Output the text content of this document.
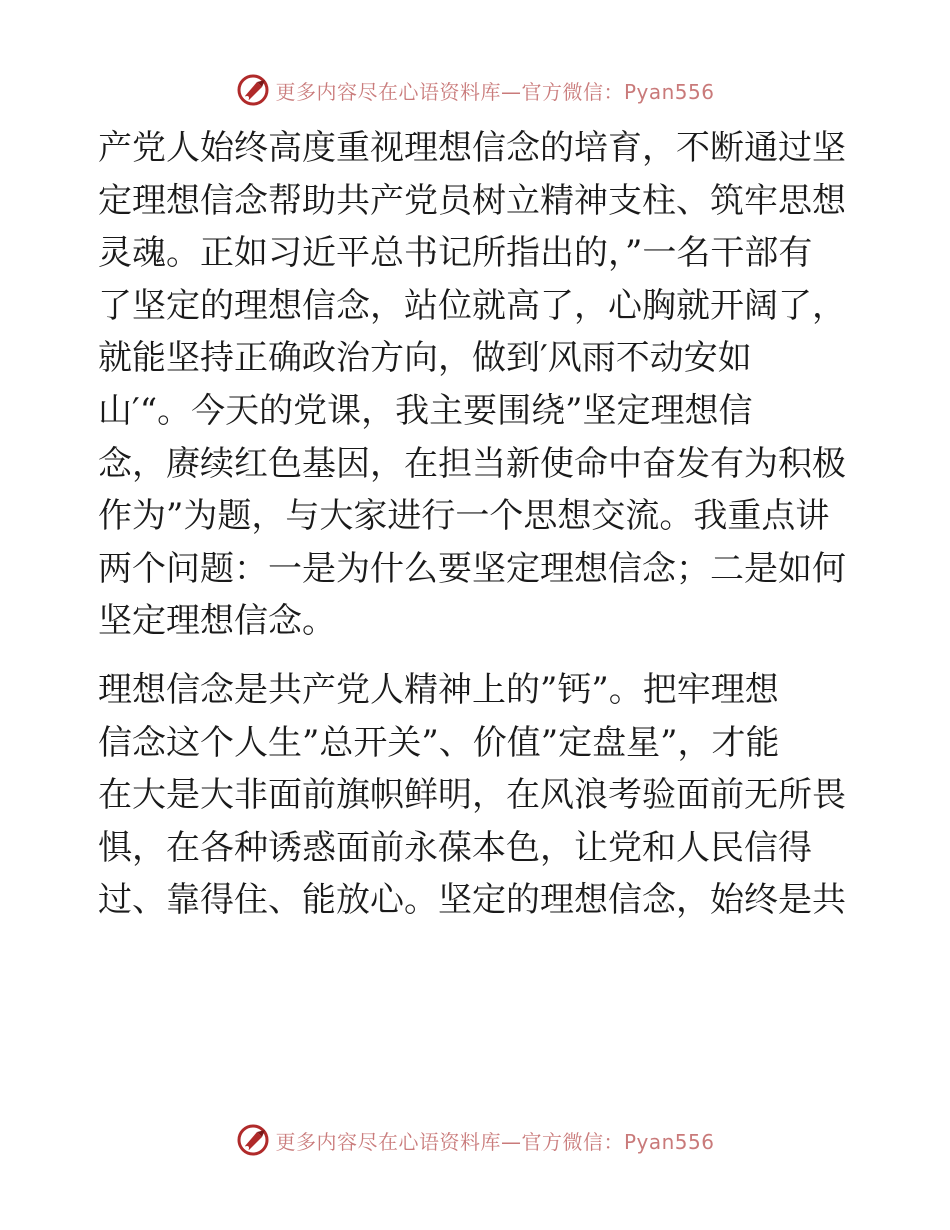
更多内容尽在心语资料库—官方微信：Pyan556

产党人始终高度重视理想信念的培育，不断通过坚
定理想信念帮助共产党员树立精神支柱、筑牢思想
灵魂。正如习近平总书记所指出的，”一名干部有
了坚定的理想信念，站位就高了，心胸就开阔了，
就能坚持正确政治方向，做到′风雨不动安如
山′“。今天的党课，我主要围绕”坚定理想信
念，赓续红色基因，在担当新使命中奋发有为积极
作为”为题，与大家进行一个思想交流。我重点讲
两个问题：一是为什么要坚定理想信念；二是如何
坚定理想信念。

理想信念是共产党人精神上的”钙”。把牢理想
信念这个人生”总开关”、价值”定盘星”，才能
在大是大非面前旗帜鲜明，在风浪考验面前无所畏
惧，在各种诱惑面前永葆本色，让党和人民信得
过、靠得住、能放心。坚定的理想信念，始终是共

更多内容尽在心语资料库—官方微信：Pyan556
